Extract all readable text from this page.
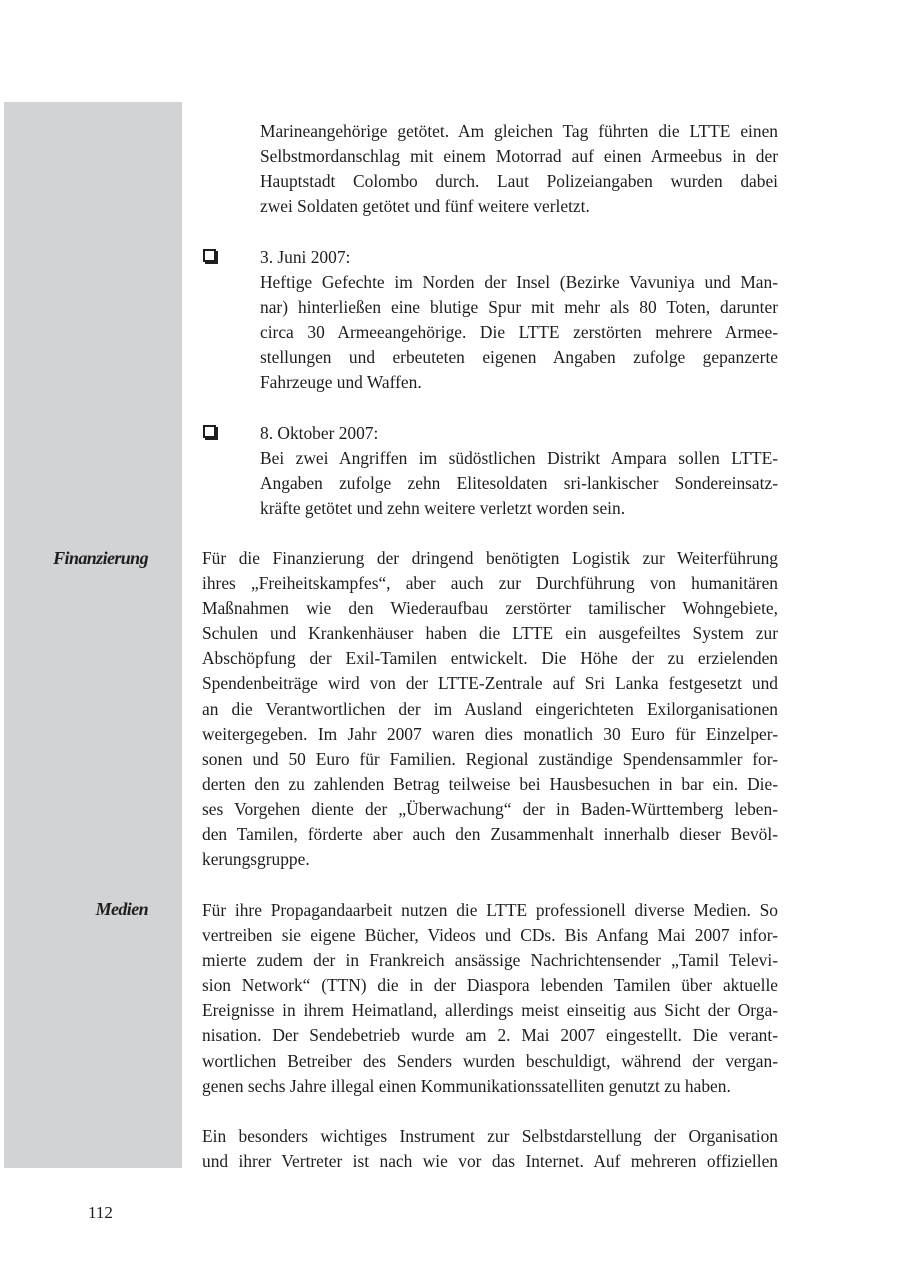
Marineangehörige getötet. Am gleichen Tag führten die LTTE einen
Selbstmordanschlag mit einem Motorrad auf einen Armeebus in der
Hauptstadt Colombo durch. Laut Polizeiangaben wurden dabei
zwei Soldaten getötet und fünf weitere verletzt.
3. Juni 2007:
Heftige Gefechte im Norden der Insel (Bezirke Vavuniya und Man-
nar) hinterließen eine blutige Spur mit mehr als 80 Toten, darunter
circa 30 Armeeangehörige. Die LTTE zerstörten mehrere Armee-
stellungen und erbeuteten eigenen Angaben zufolge gepanzerte
Fahrzeuge und Waffen.
8. Oktober 2007:
Bei zwei Angriffen im südöstlichen Distrikt Ampara sollen LTTE-
Angaben zufolge zehn Elitesoldaten sri-lankischer Sondereinsatz-
kräfte getötet und zehn weitere verletzt worden sein.
Finanzierung	Für die Finanzierung der dringend benötigten Logistik zur Weiterführung
ihres „Freiheitskampfes“, aber auch zur Durchführung von humanitären
Maßnahmen wie den Wiederaufbau zerstörter tamilischer Wohngebiete,
Schulen und Krankenhäuser haben die LTTE ein ausgefeiltes System zur
Abschöpfung der Exil-Tamilen entwickelt. Die Höhe der zu erzielenden
Spendenbeiträge wird von der LTTE-Zentrale auf Sri Lanka festgesetzt und
an die Verantwortlichen der im Ausland eingerichteten Exilorganisationen
weitergegeben. Im Jahr 2007 waren dies monatlich 30 Euro für Einzelper-
sonen und 50 Euro für Familien. Regional zuständige Spendensammler for-
derten den zu zahlenden Betrag teilweise bei Hausbesuchen in bar ein. Die-
ses Vorgehen diente der „Überwachung“ der in Baden-Württemberg leben-
den Tamilen, förderte aber auch den Zusammenhalt innerhalb dieser Bevöl-
kerungsgruppe.
Medien	Für ihre Propagandaarbeit nutzen die LTTE professionell diverse Medien. So
vertreiben sie eigene Bücher, Videos und CDs. Bis Anfang Mai 2007 infor-
mierte zudem der in Frankreich ansässige Nachrichtensender „Tamil Televi-
sion Network“ (TTN) die in der Diaspora lebenden Tamilen über aktuelle
Ereignisse in ihrem Heimatland, allerdings meist einseitig aus Sicht der Orga-
nisation. Der Sendebetrieb wurde am 2. Mai 2007 eingestellt. Die verant-
wortlichen Betreiber des Senders wurden beschuldigt, während der vergan-
genen sechs Jahre illegal einen Kommunikationssatelliten genutzt zu haben.
Ein besonders wichtiges Instrument zur Selbstdarstellung der Organisation
und ihrer Vertreter ist nach wie vor das Internet. Auf mehreren offiziellen
112
